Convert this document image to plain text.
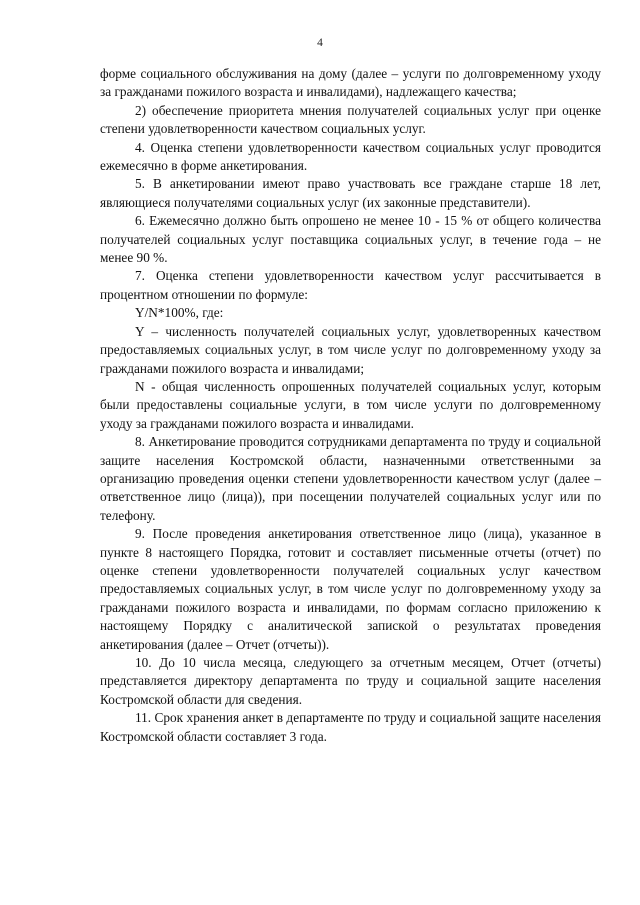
4

форме социального обслуживания на дому (далее – услуги по долговременному уходу за гражданами пожилого возраста и инвалидами), надлежащего качества;

2) обеспечение приоритета мнения получателей социальных услуг при оценке степени удовлетворенности качеством социальных услуг.

4. Оценка степени удовлетворенности качеством социальных услуг проводится ежемесячно в форме анкетирования.

5. В анкетировании имеют право участвовать все граждане старше 18 лет, являющиеся получателями социальных услуг (их законные представители).

6. Ежемесячно должно быть опрошено не менее 10 - 15 % от общего количества получателей социальных услуг поставщика социальных услуг, в течение года – не менее 90 %.

7. Оценка степени удовлетворенности качеством услуг рассчитывается в процентном отношении по формуле:

Y/N*100%, где:

Y – численность получателей социальных услуг, удовлетворенных качеством предоставляемых социальных услуг, в том числе услуг по долговременному уходу за гражданами пожилого возраста и инвалидами;

N - общая численность опрошенных получателей социальных услуг, которым были предоставлены социальные услуги, в том числе услуги по долговременному уходу за гражданами пожилого возраста и инвалидами.

8. Анкетирование проводится сотрудниками департамента по труду и социальной защите населения Костромской области, назначенными ответственными за организацию проведения оценки степени удовлетворенности качеством услуг (далее – ответственное лицо (лица)), при посещении получателей социальных услуг или по телефону.

9. После проведения анкетирования ответственное лицо (лица), указанное в пункте 8 настоящего Порядка, готовит и составляет письменные отчеты (отчет) по оценке степени удовлетворенности получателей социальных услуг качеством предоставляемых социальных услуг, в том числе услуг по долговременному уходу за гражданами пожилого возраста и инвалидами, по формам согласно приложению к настоящему Порядку с аналитической запиской о результатах проведения анкетирования (далее – Отчет (отчеты)).

10. До 10 числа месяца, следующего за отчетным месяцем, Отчет (отчеты) представляется директору департамента по труду и социальной защите населения Костромской области для сведения.

11. Срок хранения анкет в департаменте по труду и социальной защите населения Костромской области составляет 3 года.
